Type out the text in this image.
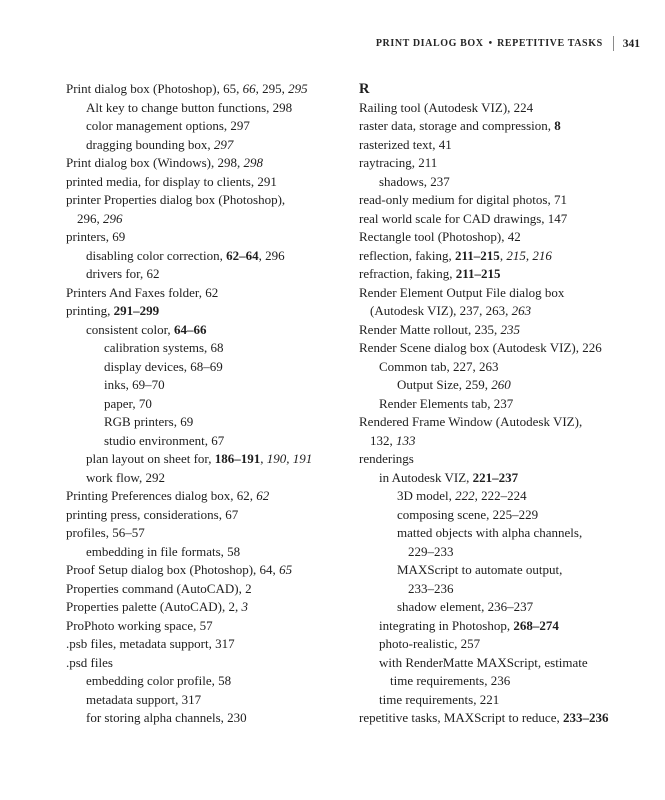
PRINT DIALOG BOX • REPETITIVE TASKS 341
Print dialog box (Photoshop), 65, 66, 295, 295
Alt key to change button functions, 298
color management options, 297
dragging bounding box, 297
Print dialog box (Windows), 298, 298
printed media, for display to clients, 291
printer Properties dialog box (Photoshop),
296, 296
printers, 69
disabling color correction, 62–64, 296
drivers for, 62
Printers And Faxes folder, 62
printing, 291–299
consistent color, 64–66
calibration systems, 68
display devices, 68–69
inks, 69–70
paper, 70
RGB printers, 69
studio environment, 67
plan layout on sheet for, 186–191, 190, 191
work flow, 292
Printing Preferences dialog box, 62, 62
printing press, considerations, 67
profiles, 56–57
embedding in file formats, 58
Proof Setup dialog box (Photoshop), 64, 65
Properties command (AutoCAD), 2
Properties palette (AutoCAD), 2, 3
ProPhoto working space, 57
.psb files, metadata support, 317
.psd files
embedding color profile, 58
metadata support, 317
for storing alpha channels, 230
R
Railing tool (Autodesk VIZ), 224
raster data, storage and compression, 8
rasterized text, 41
raytracing, 211
shadows, 237
read-only medium for digital photos, 71
real world scale for CAD drawings, 147
Rectangle tool (Photoshop), 42
reflection, faking, 211–215, 215, 216
refraction, faking, 211–215
Render Element Output File dialog box
(Autodesk VIZ), 237, 263, 263
Render Matte rollout, 235, 235
Render Scene dialog box (Autodesk VIZ), 226
Common tab, 227, 263
Output Size, 259, 260
Render Elements tab, 237
Rendered Frame Window (Autodesk VIZ),
132, 133
renderings
in Autodesk VIZ, 221–237
3D model, 222, 222–224
composing scene, 225–229
matted objects with alpha channels,
229–233
MAXScript to automate output,
233–236
shadow element, 236–237
integrating in Photoshop, 268–274
photo-realistic, 257
with RenderMatte MAXScript, estimate
time requirements, 236
time requirements, 221
repetitive tasks, MAXScript to reduce, 233–236
